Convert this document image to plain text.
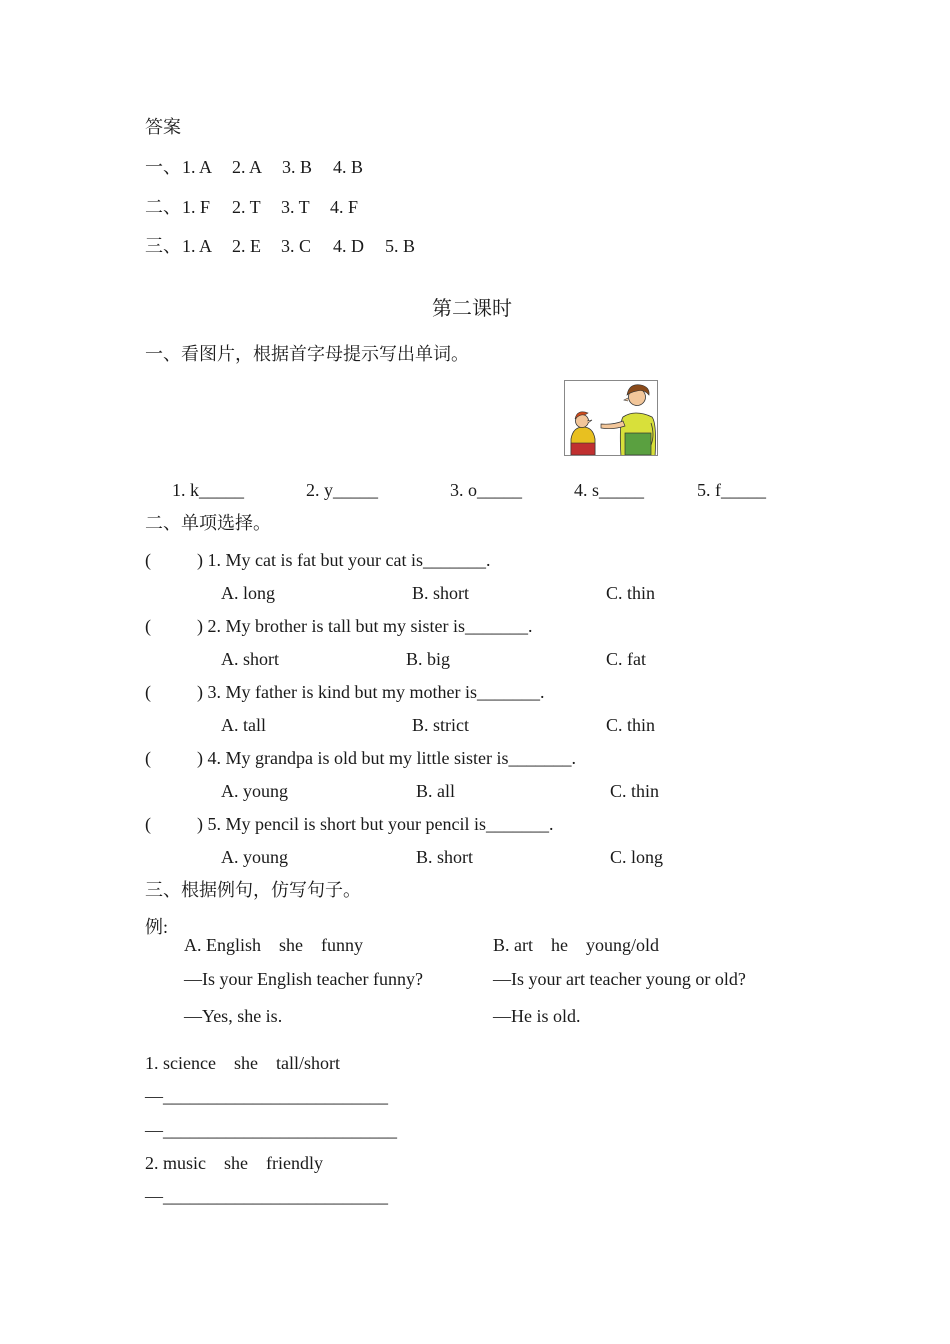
答案
一、 1. A 2. A 3. B 4. B
二、 1. F 2. T 3. T 4. F
三、 1. A 2. E 3. C 4. D 5. B
第二课时
一、看图片，根据首字母提示写出单词。
1. k_____	2. y_____	3. o_____	4. s_____	5. f_____
二、单项选择。
(	) 1. My cat is fat but your cat is_______.
A. long	B. short	C. thin
(	) 2. My brother is tall but my sister is_______.
A. short	B. big	C. fat
(	) 3. My father is kind but my mother is_______.
A. tall	B. strict	C. thin
(	) 4. My grandpa is old but my little sister is_______.
A. young	B. all	C. thin
(	) 5. My pencil is short but your pencil is_______.
A. young	B. short	C. long
三、根据例句，仿写句子。
例:
A. English    she    funny
—Is your English teacher funny?
—Yes, she is.
B. art    he    young/old
—Is your art teacher young or old?
—He is old.
1. science    she    tall/short
—_________________________
—__________________________
2. music    she    friendly
—_________________________
